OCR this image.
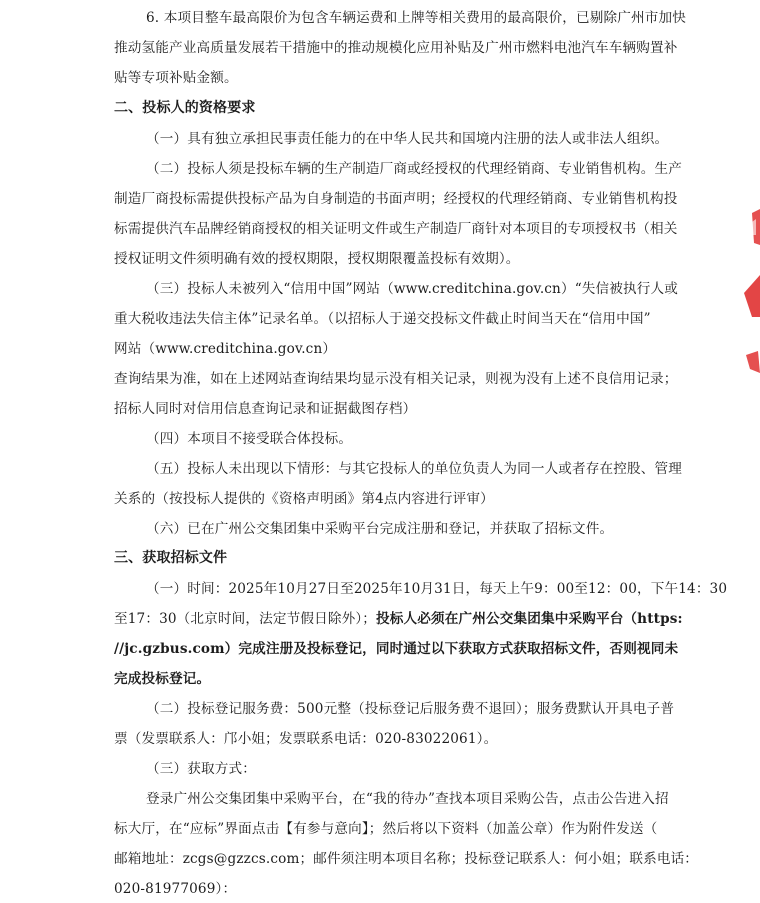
6. 本项目整车最高限价为包含车辆运费和上牌等相关费用的最高限价，已剔除广州市加快
推动氢能产业高质量发展若干措施中的推动规模化应用补贴及广州市燃料电池汽车车辆购置补
贴等专项补贴金额。
二、投标人的资格要求
（一）具有独立承担民事责任能力的在中华人民共和国境内注册的法人或非法人组织。
（二）投标人须是投标车辆的生产制造厂商或经授权的代理经销商、专业销售机构。生产
制造厂商投标需提供投标产品为自身制造的书面声明；经授权的代理经销商、专业销售机构投
标需提供汽车品牌经销商授权的相关证明文件或生产制造厂商针对本项目的专项授权书（相关
授权证明文件须明确有效的授权期限，授权期限覆盖投标有效期）。
（三）投标人未被列入“信用中国”网站（www.creditchina.gov.cn）“失信被执行人或
重大税收违法失信主体”记录名单。（以招标人于递交投标文件截止时间当天在“信用中国”
网站（www.creditchina.gov.cn）
查询结果为准，如在上述网站查询结果均显示没有相关记录，则视为没有上述不良信用记录；
招标人同时对信用信息查询记录和证据截图存档）
（四）本项目不接受联合体投标。
（五）投标人未出现以下情形：与其它投标人的单位负责人为同一人或者存在控股、管理
关系的（按投标人提供的《资格声明函》第4点内容进行评审）
（六）已在广州公交集团集中采购平台完成注册和登记，并获取了招标文件。
三、获取招标文件
（一）时间：2025年10月27日至2025年10月31日，每天上午9：00至12：00，下午14：30
至17：30（北京时间，法定节假日除外）；投标人必须在广州公交集团集中采购平台（https:
//jc.gzbus.com）完成注册及投标登记，同时通过以下获取方式获取招标文件，否则视同未
完成投标登记。
（二）投标登记服务费：500元整（投标登记后服务费不退回）；服务费默认开具电子普
票（发票联系人：邝小姐；发票联系电话：020-83022061）。
（三）获取方式：
登录广州公交集团集中采购平台，在“我的待办”查找本项目采购公告，点击公告进入招
标大厅，在“应标”界面点击【有参与意向】；然后将以下资料（加盖公章）作为附件发送（
邮箱地址：zcgs@gzzcs.com；邮件须注明本项目名称；投标登记联系人：何小姐；联系电话：
020-81977069）：
